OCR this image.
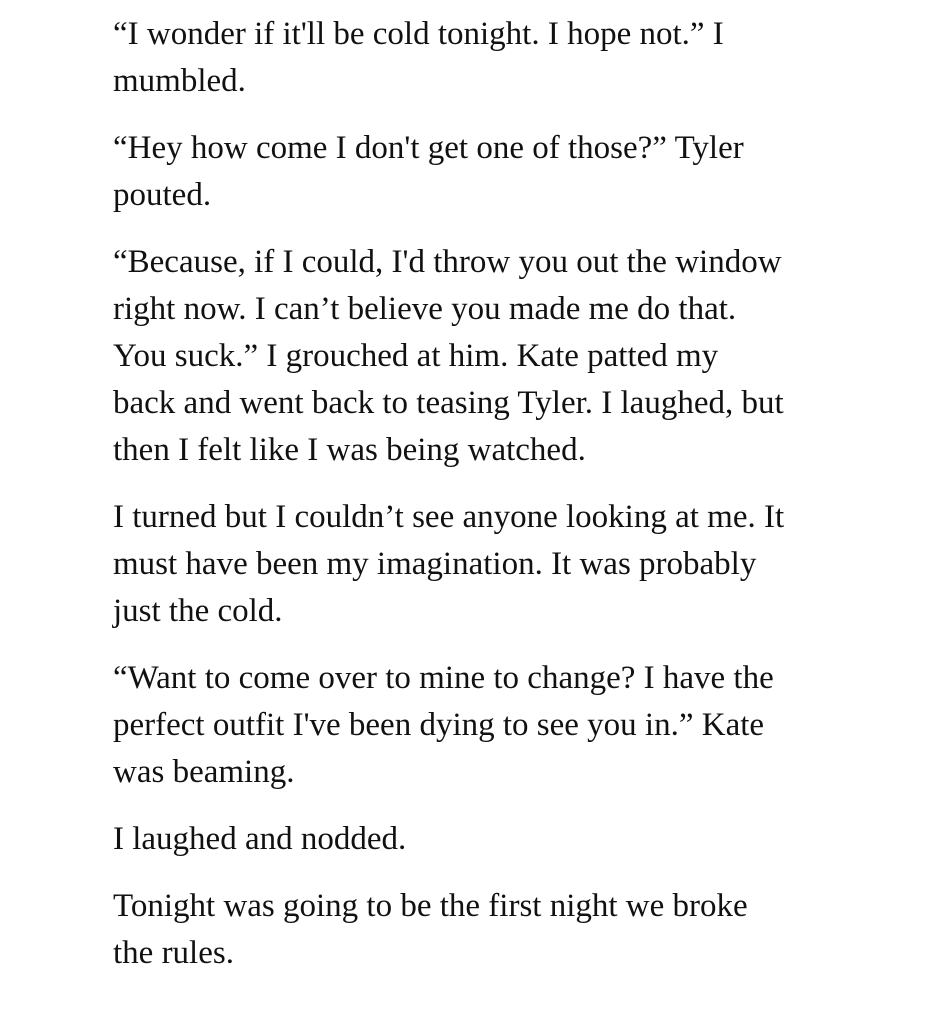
“I wonder if it'll be cold tonight. I hope not.” I
mumbled.

“Hey how come I don't get one of those?” Tyler
pouted.

“Because, if I could, I'd throw you out the window
right now. I can’t believe you made me do that.
You suck.” I grouched at him. Kate patted my
back and went back to teasing Tyler. I laughed, but
then I felt like I was being watched.

I turned but I couldn’t see anyone looking at me. It
must have been my imagination. It was probably
just the cold.

“Want to come over to mine to change? I have the
perfect outfit I've been dying to see you in.” Kate
was beaming.

I laughed and nodded.

Tonight was going to be the first night we broke
the rules.
